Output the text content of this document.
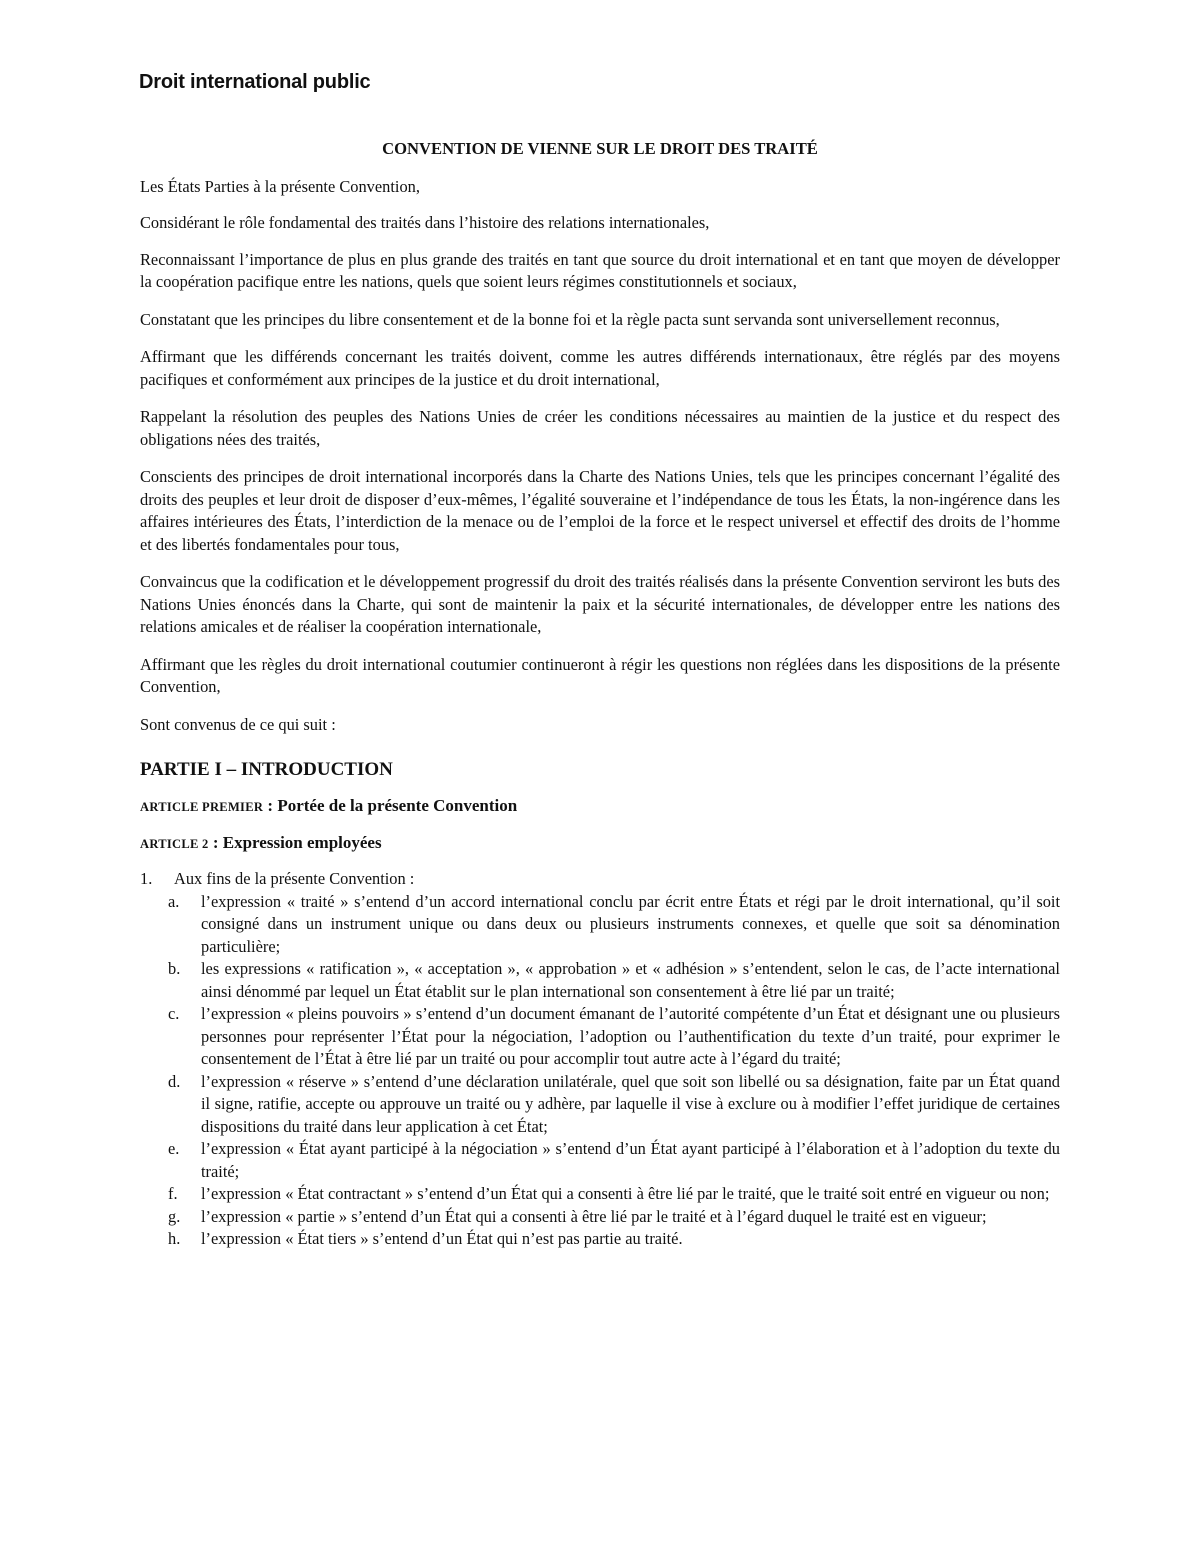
Droit international public
CONVENTION DE VIENNE SUR LE DROIT DES TRAITÉ

Les États Parties à la présente Convention,

Considérant le rôle fondamental des traités dans l’histoire des relations internationales,

Reconnaissant l’importance de plus en plus grande des traités en tant que source du droit international et en tant que moyen de développer la coopération pacifique entre les nations, quels que soient leurs régimes constitutionnels et sociaux,

Constatant que les principes du libre consentement et de la bonne foi et la règle pacta sunt servanda sont universellement reconnus,

Affirmant que les différends concernant les traités doivent, comme les autres différends internationaux, être réglés par des moyens pacifiques et conformément aux principes de la justice et du droit international,

Rappelant la résolution des peuples des Nations Unies de créer les conditions nécessaires au maintien de la justice et du respect des obligations nées des traités,

Conscients des principes de droit international incorporés dans la Charte des Nations Unies, tels que les principes concernant l’égalité des droits des peuples et leur droit de disposer d’eux-mêmes, l’égalité souveraine et l’indépendance de tous les États, la non-ingérence dans les affaires intérieures des États, l’interdiction de la menace ou de l’emploi de la force et le respect universel et effectif des droits de l’homme et des libertés fondamentales pour tous,

Convaincus que la codification et le développement progressif du droit des traités réalisés dans la présente Convention serviront les buts des Nations Unies énoncés dans la Charte, qui sont de maintenir la paix et la sécurité internationales, de développer entre les nations des relations amicales et de réaliser la coopération internationale,

Affirmant que les règles du droit international coutumier continueront à régir les questions non réglées dans les dispositions de la présente Convention,

Sont convenus de ce qui suit :

PARTIE I – INTRODUCTION
ARTICLE PREMIER : Portée de la présente Convention
ARTICLE 2 : Expression employées
1. Aux fins de la présente Convention :
a. l’expression « traité » s’entend d’un accord international conclu par écrit entre États et régi par le droit international, qu’il soit consigné dans un instrument unique ou dans deux ou plusieurs instruments connexes, et quelle que soit sa dénomination particulière;
b. les expressions « ratification », « acceptation », « approbation » et « adhésion » s’entendent, selon le cas, de l’acte international ainsi dénommé par lequel un État établit sur le plan international son consentement à être lié par un traité;
c. l’expression « pleins pouvoirs » s’entend d’un document émanant de l’autorité compétente d’un État et désignant une ou plusieurs personnes pour représenter l’État pour la négociation, l’adoption ou l’authentification du texte d’un traité, pour exprimer le consentement de l’État à être lié par un traité ou pour accomplir tout autre acte à l’égard du traité;
d. l’expression « réserve » s’entend d’une déclaration unilatérale, quel que soit son libellé ou sa désignation, faite par un État quand il signe, ratifie, accepte ou approuve un traité ou y adhère, par laquelle il vise à exclure ou à modifier l’effet juridique de certaines dispositions du traité dans leur application à cet État;
e. l’expression « État ayant participé à la négociation » s’entend d’un État ayant participé à l’élaboration et à l’adoption du texte du traité;
f. l’expression « État contractant » s’entend d’un État qui a consenti à être lié par le traité, que le traité soit entré en vigueur ou non;
g. l’expression « partie » s’entend d’un État qui a consenti à être lié par le traité et à l’égard duquel le traité est en vigueur;
h. l’expression « État tiers » s’entend d’un État qui n’est pas partie au traité.
